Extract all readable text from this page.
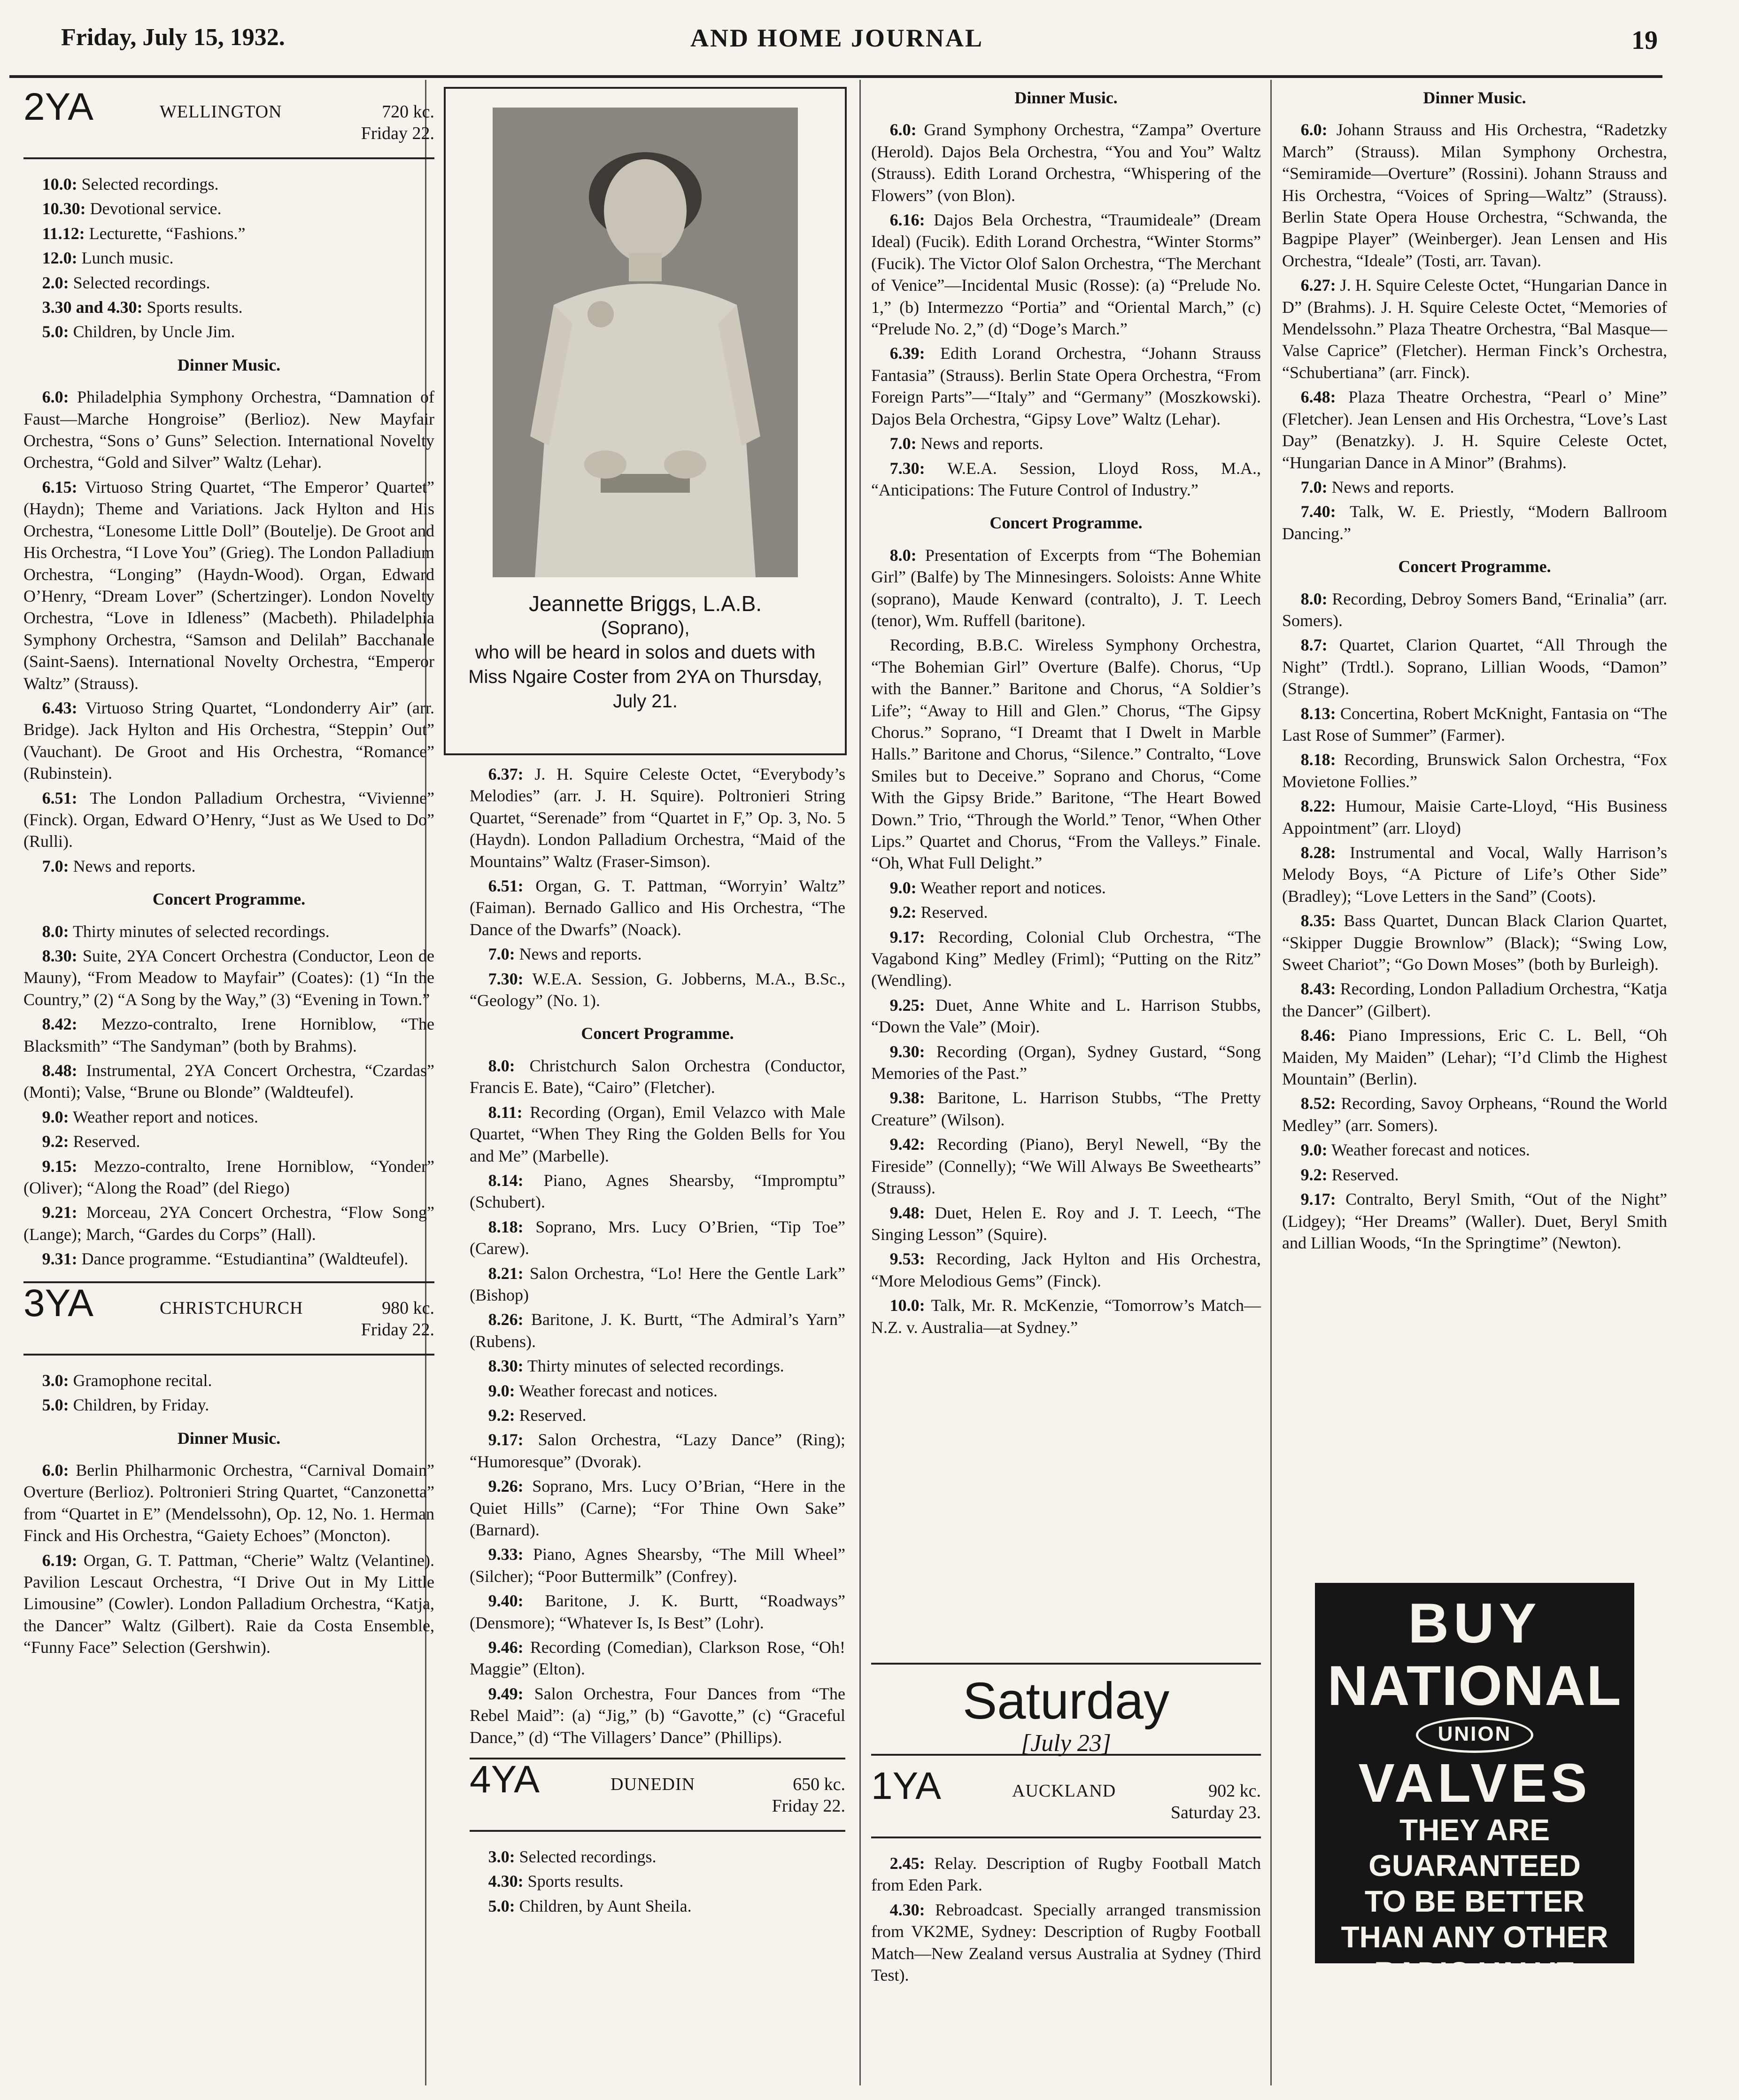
Friday, July 15, 1932.	AND HOME JOURNAL	19
2YA	WELLINGTON	720 kc.
Friday 22.

10.0: Selected recordings.

10.30: Devotional service.

11.12: Lecturette, “Fashions.”

12.0: Lunch music.

2.0: Selected recordings.

3.30 and 4.30: Sports results.

5.0: Children, by Uncle Jim.

Dinner Music.

6.0: Philadelphia Symphony Orchestra, “Damnation of Faust—Marche Hongroise” (Berlioz). New Mayfair Orchestra, “Sons o’ Guns” Selection. International Novelty Orchestra, “Gold and Silver” Waltz (Lehar).

6.15: Virtuoso String Quartet, “The Emperor’ Quartet” (Haydn); Theme and Variations. Jack Hylton and His Orchestra, “Lonesome Little Doll” (Boutelje). De Groot and His Orchestra, “I Love You” (Grieg). The London Palladium Orchestra, “Longing” (Haydn-Wood). Organ, Edward O’Henry, “Dream Lover” (Schertzinger). London Novelty Orchestra, “Love in Idleness” (Macbeth). Philadelphia Symphony Orchestra, “Samson and Delilah” Bacchanale (Saint-Saens). International Novelty Orchestra, “Emperor Waltz” (Strauss).

6.43: Virtuoso String Quartet, “Londonderry Air” (arr. Bridge). Jack Hylton and His Orchestra, “Steppin’ Out” (Vauchant). De Groot and His Orchestra, “Romance” (Rubinstein).

6.51: The London Palladium Orchestra, “Vivienne” (Finck). Organ, Edward O’Henry, “Just as We Used to Do” (Rulli).

7.0: News and reports.

Concert Programme.

8.0: Thirty minutes of selected recordings.

8.30: Suite, 2YA Concert Orchestra (Conductor, Leon de Mauny), “From Meadow to Mayfair” (Coates): (1) “In the Country,” (2) “A Song by the Way,” (3) “Evening in Town.”

8.42: Mezzo-contralto, Irene Horniblow, “The Blacksmith” “The Sandyman” (both by Brahms).

8.48: Instrumental, 2YA Concert Orchestra, “Czardas” (Monti); Valse, “Brune ou Blonde” (Waldteufel).

9.0: Weather report and notices.

9.2: Reserved.

9.15: Mezzo-contralto, Irene Horniblow, “Yonder” (Oliver); “Along the Road” (del Riego)

9.21: Morceau, 2YA Concert Orchestra, “Flow Song” (Lange); March, “Gardes du Corps” (Hall).

9.31: Dance programme. “Estudiantina” (Waldteufel).

3YA	CHRISTCHURCH	980 kc.
Friday 22.

3.0: Gramophone recital.

5.0: Children, by Friday.

Dinner Music.

6.0: Berlin Philharmonic Orchestra, “Carnival Domain” Overture (Berlioz). Poltronieri String Quartet, “Canzonetta” from “Quartet in E” (Mendelssohn), Op. 12, No. 1. Herman Finck and His Orchestra, “Gaiety Echoes” (Moncton).

6.19: Organ, G. T. Pattman, “Cherie” Waltz (Velantine). Pavilion Lescaut Orchestra, “I Drive Out in My Little Limousine” (Cowler). London Palladium Orchestra, “Katja, the Dancer” Waltz (Gilbert). Raie da Costa Ensemble, “Funny Face” Selection (Gershwin).

Jeannette Briggs, L.A.B.
(Soprano),
who will be heard in solos and duets with Miss Ngaire Coster from 2YA on Thursday, July 21.

6.37: J. H. Squire Celeste Octet, “Everybody’s Melodies” (arr. J. H. Squire). Poltronieri String Quartet, “Serenade” from “Quartet in F,” Op. 3, No. 5 (Haydn). London Palladium Orchestra, “Maid of the Mountains” Waltz (Fraser-Simson).

6.51: Organ, G. T. Pattman, “Worryin’ Waltz” (Faiman). Bernado Gallico and His Orchestra, “The Dance of the Dwarfs” (Noack).

7.0: News and reports.

7.30: W.E.A. Session, G. Jobberns, M.A., B.Sc., “Geology” (No. 1).

Concert Programme.

8.0: Christchurch Salon Orchestra (Conductor, Francis E. Bate), “Cairo” (Fletcher).

8.11: Recording (Organ), Emil Velazco with Male Quartet, “When They Ring the Golden Bells for You and Me” (Marbelle).

8.14: Piano, Agnes Shearsby, “Impromptu” (Schubert).

8.18: Soprano, Mrs. Lucy O’Brien, “Tip Toe” (Carew).

8.21: Salon Orchestra, “Lo! Here the Gentle Lark” (Bishop)

8.26: Baritone, J. K. Burtt, “The Admiral’s Yarn” (Rubens).

8.30: Thirty minutes of selected recordings.

9.0: Weather forecast and notices.

9.2: Reserved.

9.17: Salon Orchestra, “Lazy Dance” (Ring); “Humoresque” (Dvorak).

9.26: Soprano, Mrs. Lucy O’Brian, “Here in the Quiet Hills” (Carne); “For Thine Own Sake” (Barnard).

9.33: Piano, Agnes Shearsby, “The Mill Wheel” (Silcher); “Poor Buttermilk” (Confrey).

9.40: Baritone, J. K. Burtt, “Roadways” (Densmore); “Whatever Is, Is Best” (Lohr).

9.46: Recording (Comedian), Clarkson Rose, “Oh! Maggie” (Elton).

9.49: Salon Orchestra, Four Dances from “The Rebel Maid”: (a) “Jig,” (b) “Gavotte,” (c) “Graceful Dance,” (d) “The Villagers’ Dance” (Phillips).

4YA	DUNEDIN	650 kc.
Friday 22.

3.0: Selected recordings.

4.30: Sports results.

5.0: Children, by Aunt Sheila.

Dinner Music.

6.0: Grand Symphony Orchestra, “Zampa” Overture (Herold). Dajos Bela Orchestra, “You and You” Waltz (Strauss). Edith Lorand Orchestra, “Whispering of the Flowers” (von Blon).

6.16: Dajos Bela Orchestra, “Traumideale” (Dream Ideal) (Fucik). Edith Lorand Orchestra, “Winter Storms” (Fucik). The Victor Olof Salon Orchestra, “The Merchant of Venice”—Incidental Music (Rosse): (a) “Prelude No. 1,” (b) Intermezzo “Portia” and “Oriental March,” (c) “Prelude No. 2,” (d) “Doge’s March.”

6.39: Edith Lorand Orchestra, “Johann Strauss Fantasia” (Strauss). Berlin State Opera Orchestra, “From Foreign Parts”—“Italy” and “Germany” (Moszkowski). Dajos Bela Orchestra, “Gipsy Love” Waltz (Lehar).

7.0: News and reports.

7.30: W.E.A. Session, Lloyd Ross, M.A., “Anticipations: The Future Control of Industry.”

Concert Programme.

8.0: Presentation of Excerpts from “The Bohemian Girl” (Balfe) by The Minnesingers. Soloists: Anne White (soprano), Maude Kenward (contralto), J. T. Leech (tenor), Wm. Ruffell (baritone).

Recording, B.B.C. Wireless Symphony Orchestra, “The Bohemian Girl” Overture (Balfe). Chorus, “Up with the Banner.” Baritone and Chorus, “A Soldier’s Life”; “Away to Hill and Glen.” Chorus, “The Gipsy Chorus.” Soprano, “I Dreamt that I Dwelt in Marble Halls.” Baritone and Chorus, “Silence.” Contralto, “Love Smiles but to Deceive.” Soprano and Chorus, “Come With the Gipsy Bride.” Baritone, “The Heart Bowed Down.” Trio, “Through the World.” Tenor, “When Other Lips.” Quartet and Chorus, “From the Valleys.” Finale. “Oh, What Full Delight.”

9.0: Weather report and notices.

9.2: Reserved.

9.17: Recording, Colonial Club Orchestra, “The Vagabond King” Medley (Friml); “Putting on the Ritz” (Wendling).

9.25: Duet, Anne White and L. Harrison Stubbs, “Down the Vale” (Moir).

9.30: Recording (Organ), Sydney Gustard, “Song Memories of the Past.”

9.38: Baritone, L. Harrison Stubbs, “The Pretty Creature” (Wilson).

9.42: Recording (Piano), Beryl Newell, “By the Fireside” (Connelly); “We Will Always Be Sweethearts” (Strauss).

9.48: Duet, Helen E. Roy and J. T. Leech, “The Singing Lesson” (Squire).

9.53: Recording, Jack Hylton and His Orchestra, “More Melodious Gems” (Finck).

10.0: Talk, Mr. R. McKenzie, “Tomorrow’s Match—N.Z. v. Australia—at Sydney.”

Saturday
[July 23]
1YA	AUCKLAND	902 kc.
Saturday 23.

2.45: Relay. Description of Rugby Football Match from Eden Park.

4.30: Rebroadcast. Specially arranged transmission from VK2ME, Sydney: Description of Rugby Football Match—New Zealand versus Australia at Sydney (Third Test).

Dinner Music.

6.0: Johann Strauss and His Orchestra, “Radetzky March” (Strauss). Milan Symphony Orchestra, “Semiramide—Overture” (Rossini). Johann Strauss and His Orchestra, “Voices of Spring—Waltz” (Strauss). Berlin State Opera House Orchestra, “Schwanda, the Bagpipe Player” (Weinberger). Jean Lensen and His Orchestra, “Ideale” (Tosti, arr. Tavan).

6.27: J. H. Squire Celeste Octet, “Hungarian Dance in D” (Brahms). J. H. Squire Celeste Octet, “Memories of Mendelssohn.” Plaza Theatre Orchestra, “Bal Masque—Valse Caprice” (Fletcher). Herman Finck’s Orchestra, “Schubertiana” (arr. Finck).

6.48: Plaza Theatre Orchestra, “Pearl o’ Mine” (Fletcher). Jean Lensen and His Orchestra, “Love’s Last Day” (Benatzky). J. H. Squire Celeste Octet, “Hungarian Dance in A Minor” (Brahms).

7.0: News and reports.

7.40: Talk, W. E. Priestly, “Modern Ballroom Dancing.”

Concert Programme.

8.0: Recording, Debroy Somers Band, “Erinalia” (arr. Somers).

8.7: Quartet, Clarion Quartet, “All Through the Night” (Trdtl.). Soprano, Lillian Woods, “Damon” (Strange).

8.13: Concertina, Robert McKnight, Fantasia on “The Last Rose of Summer” (Farmer).

8.18: Recording, Brunswick Salon Orchestra, “Fox Movietone Follies.”

8.22: Humour, Maisie Carte-Lloyd, “His Business Appointment” (arr. Lloyd)

8.28: Instrumental and Vocal, Wally Harrison’s Melody Boys, “A Picture of Life’s Other Side” (Bradley); “Love Letters in the Sand” (Coots).

8.35: Bass Quartet, Duncan Black Clarion Quartet, “Skipper Duggie Brownlow” (Black); “Swing Low, Sweet Chariot”; “Go Down Moses” (both by Burleigh).

8.43: Recording, London Palladium Orchestra, “Katja the Dancer” (Gilbert).

8.46: Piano Impressions, Eric C. L. Bell, “Oh Maiden, My Maiden” (Lehar); “I’d Climb the Highest Mountain” (Berlin).

8.52: Recording, Savoy Orpheans, “Round the World Medley” (arr. Somers).

9.0: Weather forecast and notices.

9.2: Reserved.

9.17: Contralto, Beryl Smith, “Out of the Night” (Lidgey); “Her Dreams” (Waller). Duet, Beryl Smith and Lillian Woods, “In the Springtime” (Newton).

BUY
NATIONAL
UNION
VALVES
THEY ARE
GUARANTEED
TO BE BETTER
THAN ANY OTHER
RADIO VALVE
ON THE MARKET
